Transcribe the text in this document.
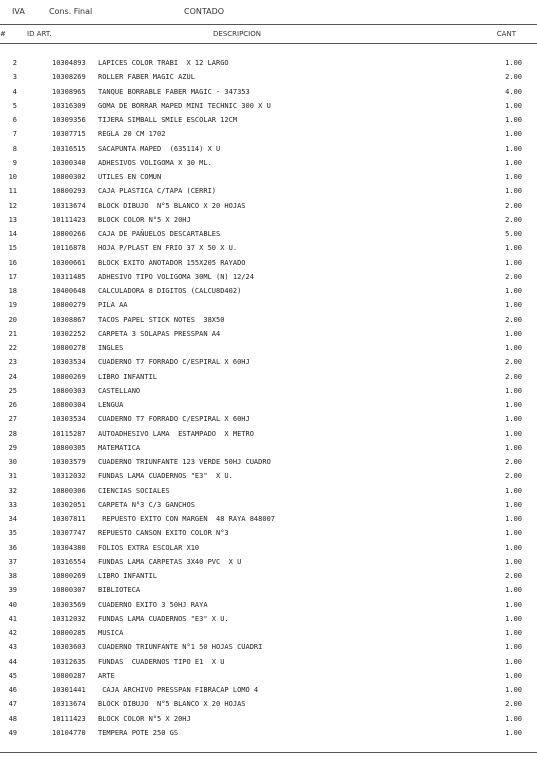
IVA	Cons. Final	CONTADO
#	ID ART.	DESCRIPCION	CANT
2	10304893 LAPICES COLOR TRABI  X 12 LARGO	1.00
3	10308269 ROLLER FABER MAGIC AZUL	2.00
4	10308965 TANQUE BORRABLE FABER MAGIC - 347353	4.00
5	10316309 GOMA DE BORRAR MAPED MINI TECHNIC 300 X U	1.00
6	10309356 TIJERA SIMBALL SMILE ESCOLAR 12CM	1.00
7	10307715 REGLA 20 CM 1702	1.00
8	10316515 SACAPUNTA MAPED  (635114) X U	1.00
9	10300340 ADHESIVOS VOLIGOMA X 30 ML.	1.00
10	10800302 UTILES EN COMUN	1.00
11	10800293 CAJA PLASTICA C/TAPA (CERRI)	1.00
12	10313674 BLOCK DIBUJO  N°5 BLANCO X 20 HOJAS	2.00
13	10111423 BLOCK COLOR N°5 X 20HJ	2.00
14	10800266 CAJA DE PAÑUELOS DESCARTABLES	5.00
15	10116878 HOJA P/PLAST EN FRIO 37 X 50 X U.	1.00
16	10300661 BLOCK EXITO ANOTADOR 155X205 RAYADO	1.00
17	10311485 ADHESIVO TIPO VOLIGOMA 30ML (N) 12/24	2.00
18	10400648 CALCULADORA 8 DIGITOS (CALCU8D402)	1.00
19	10800279 PILA AA	1.00
20	10308867 TACOS PAPEL STICK NOTES  38X50	2.00
21	10302252 CARPETA 3 SOLAPAS PRESSPAN A4	1.00
22	10800278 INGLES	1.00
23	10303534 CUADERNO T7 FORRADO C/ESPIRAL X 60HJ	2.00
24	10800269 LIBRO INFANTIL	2.00
25	10800303 CASTELLANO	1.00
26	10800304 LENGUA	1.00
27	10303534 CUADERNO T7 FORRADO C/ESPIRAL X 60HJ	1.00
28	10115287 AUTOADHESIVO LAMA  ESTAMPADO  X METRO	1.00
29	10800305 MATEMATICA	1.00
30	10303579 CUADERNO TRIUNFANTE 123 VERDE 50HJ CUADRO	2.00
31	10312032 FUNDAS LAMA CUADERNOS "E3"  X U.	2.00
32	10800306 CIENCIAS SOCIALES	1.00
33	10302051 CARPETA N°3 C/3 GANCHOS	1.00
34	10307811 REPUESTO EXITO CON MARGEN  48 RAYA 848007	1.00
35	10307747 REPUESTO CANSON EXITO COLOR N°3	1.00
36	10304380 FOLIOS EXTRA ESCOLAR X10	1.00
37	10316554 FUNDAS LAMA CARPETAS 3X40 PVC  X U	1.00
38	10800269 LIBRO INFANTIL	2.00
39	10800307 BIBLIOTECA	1.00
40	10303569 CUADERNO EXITO 3 50HJ RAYA	1.00
41	10312032 FUNDAS LAMA CUADERNOS "E3" X U.	1.00
42	10800285 MUSICA	1.00
43	10303603 CUADERNO TRIUNFANTE N°1 50 HOJAS CUADRI	1.00
44	10312635 FUNDAS  CUADERNOS TIPO E1  X U	1.00
45	10800287 ARTE	1.00
46	10301441 CAJA ARCHIVO PRESSPAN FIBRACAP LOMO 4	1.00
47	10313674 BLOCK DIBUJO  N°5 BLANCO X 20 HOJAS	2.00
48	10111423 BLOCK COLOR N°5 X 20HJ	1.00
49	10104770 TEMPERA POTE 250 GS	1.00
